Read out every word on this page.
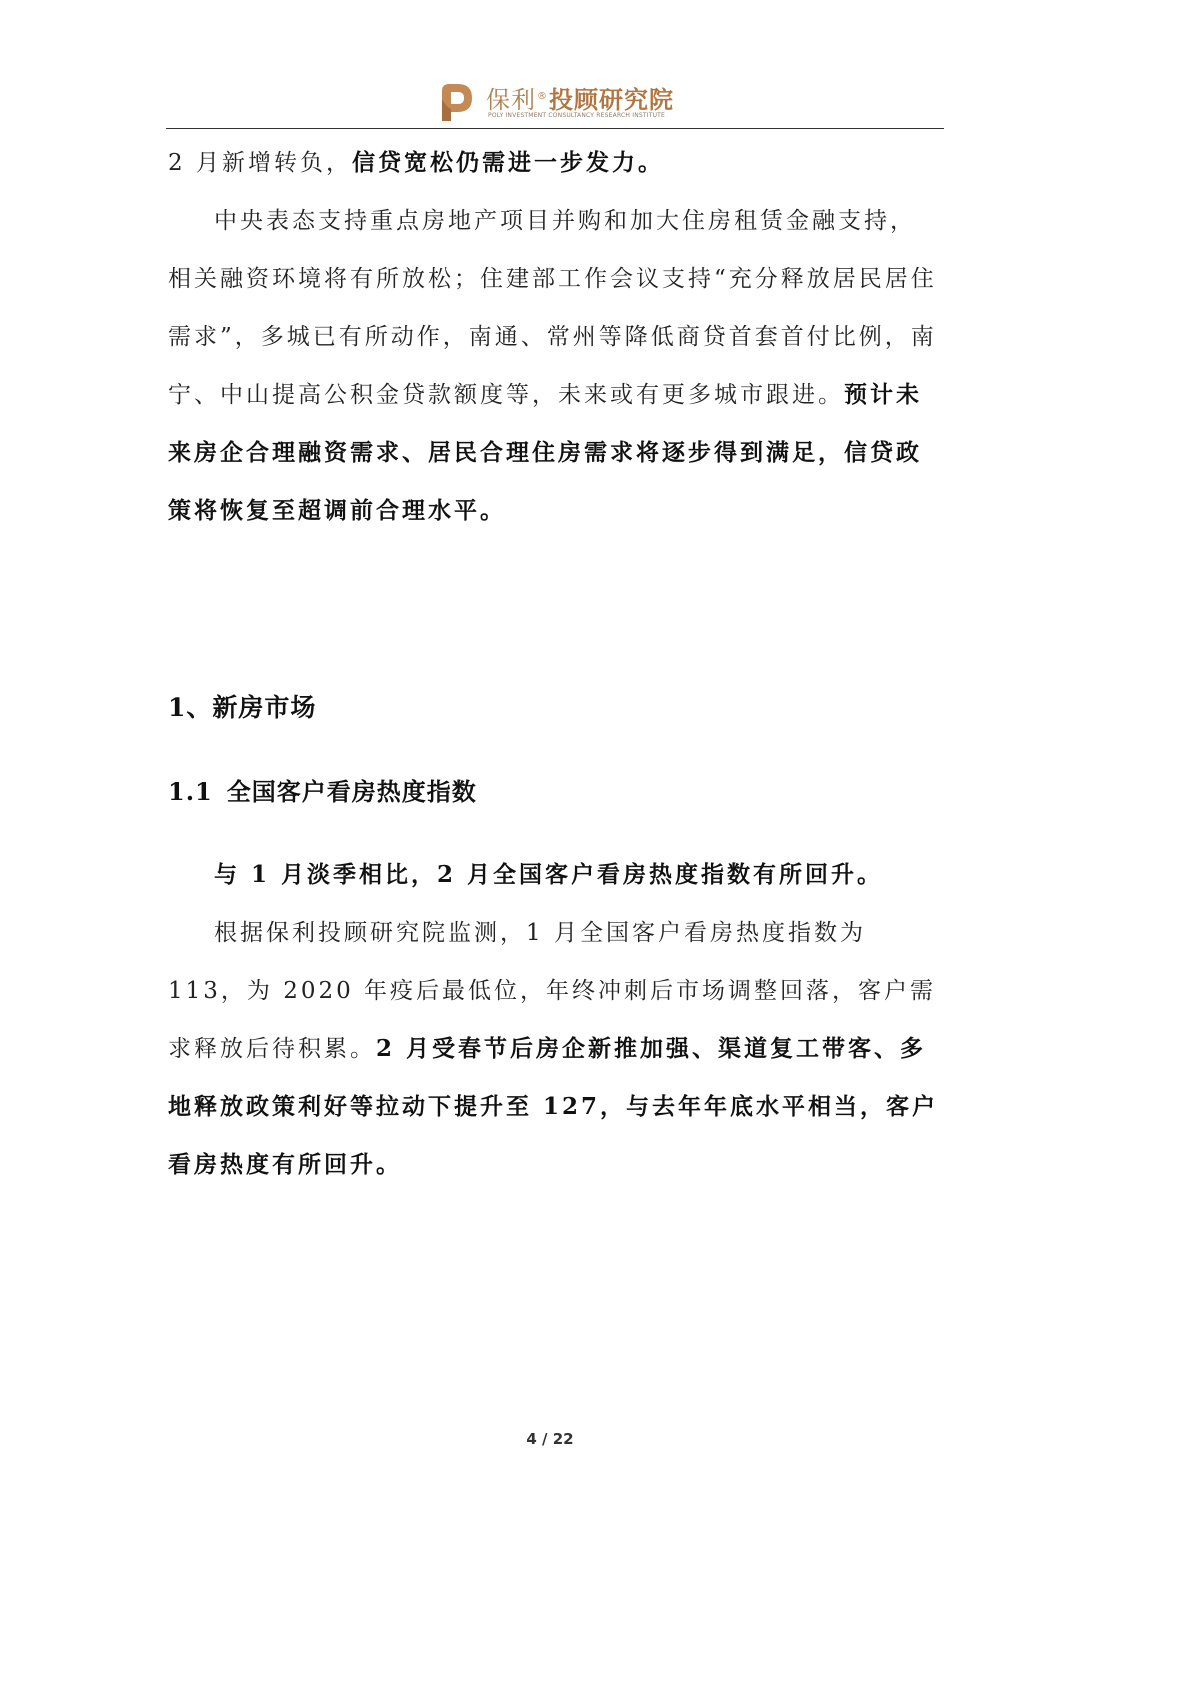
保利®投顾研究院
POLY INVESTMENT CONSULTANCY RESEARCH INSTITUTE

2 月新增转负，信贷宽松仍需进一步发力。

中央表态支持重点房地产项目并购和加大住房租赁金融支持，相关融资环境将有所放松；住建部工作会议支持“充分释放居民居住需求”，多城已有所动作，南通、常州等降低商贷首套首付比例，南宁、中山提高公积金贷款额度等，未来或有更多城市跟进。预计未来房企合理融资需求、居民合理住房需求将逐步得到满足，信贷政策将恢复至超调前合理水平。

1、新房市场
1.1 全国客户看房热度指数

与 1 月淡季相比，2 月全国客户看房热度指数有所回升。

根据保利投顾研究院监测，1 月全国客户看房热度指数为 113，为 2020 年疫后最低位，年终冲刺后市场调整回落，客户需求释放后待积累。2 月受春节后房企新推加强、渠道复工带客、多地释放政策利好等拉动下提升至 127，与去年年底水平相当，客户看房热度有所回升。

4 / 22
